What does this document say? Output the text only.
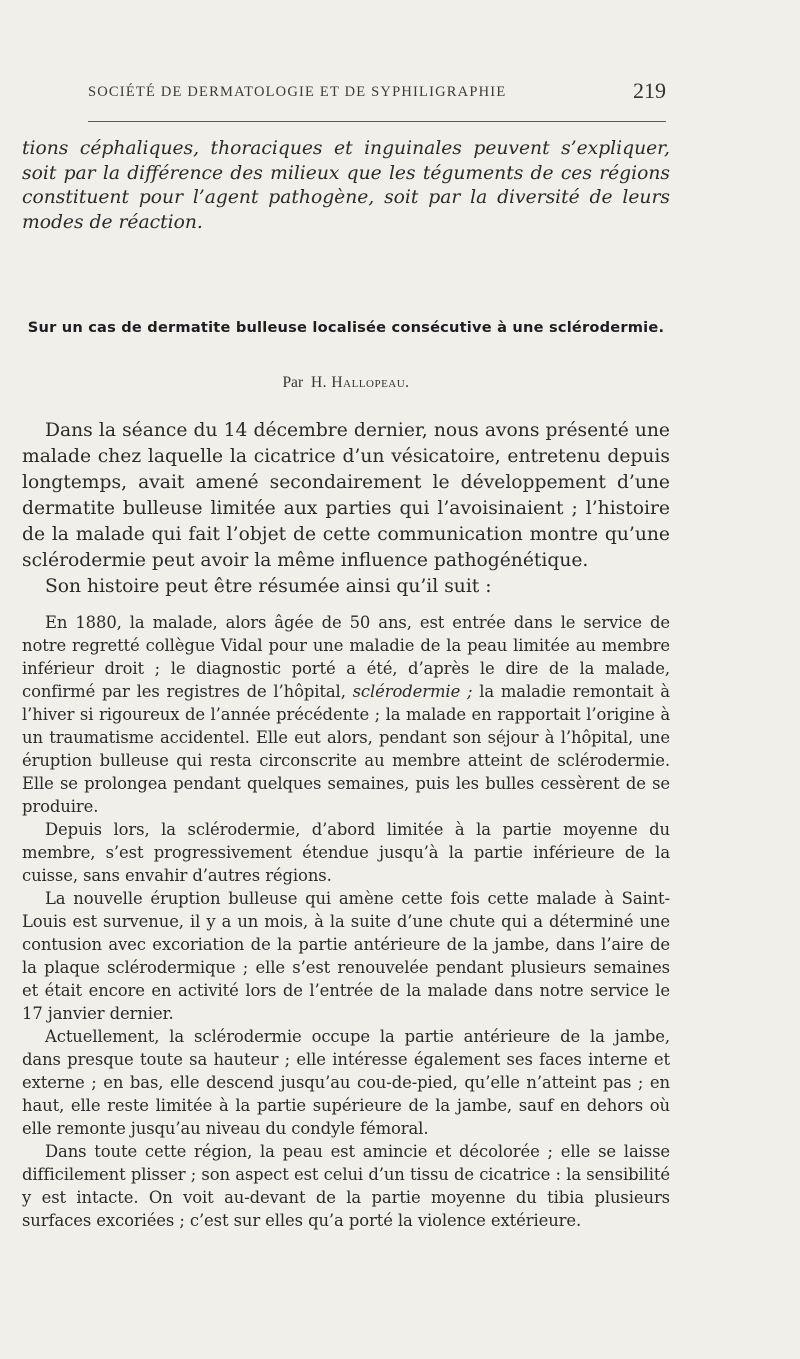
SOCIÉTÉ DE DERMATOLOGIE ET DE SYPHILIGRAPHIE	219

tions céphaliques, thoraciques et inguinales peuvent s’expliquer, soit par la différence des milieux que les téguments de ces régions constituent pour l’agent pathogène, soit par la diversité de leurs modes de réaction.

Sur un cas de dermatite bulleuse localisée consécutive à une sclérodermie.
Par H. Hallopeau.

Dans la séance du 14 décembre dernier, nous avons présenté une malade chez laquelle la cicatrice d’un vésicatoire, entretenu depuis longtemps, avait amené secondairement le développement d’une dermatite bulleuse limitée aux parties qui l’avoisinaient ; l’histoire de la malade qui fait l’objet de cette communication montre qu’une sclérodermie peut avoir la même influence pathogénétique.

Son histoire peut être résumée ainsi qu’il suit :

En 1880, la malade, alors âgée de 50 ans, est entrée dans le service de notre regretté collègue Vidal pour une maladie de la peau limitée au membre inférieur droit ; le diagnostic porté a été, d’après le dire de la malade, confirmé par les registres de l’hôpital, sclérodermie ; la maladie remontait à l’hiver si rigoureux de l’année précédente ; la malade en rapportait l’origine à un traumatisme accidentel. Elle eut alors, pendant son séjour à l’hôpital, une éruption bulleuse qui resta circonscrite au membre atteint de sclérodermie. Elle se prolongea pendant quelques semaines, puis les bulles cessèrent de se produire.

Depuis lors, la sclérodermie, d’abord limitée à la partie moyenne du membre, s’est progressivement étendue jusqu’à la partie inférieure de la cuisse, sans envahir d’autres régions.

La nouvelle éruption bulleuse qui amène cette fois cette malade à Saint-Louis est survenue, il y a un mois, à la suite d’une chute qui a déterminé une contusion avec excoriation de la partie antérieure de la jambe, dans l’aire de la plaque sclérodermique ; elle s’est renouvelée pendant plusieurs semaines et était encore en activité lors de l’entrée de la malade dans notre service le 17 janvier dernier.

Actuellement, la sclérodermie occupe la partie antérieure de la jambe, dans presque toute sa hauteur ; elle intéresse également ses faces interne et externe ; en bas, elle descend jusqu’au cou-de-pied, qu’elle n’atteint pas ; en haut, elle reste limitée à la partie supérieure de la jambe, sauf en dehors où elle remonte jusqu’au niveau du condyle fémoral.

Dans toute cette région, la peau est amincie et décolorée ; elle se laisse difficilement plisser ; son aspect est celui d’un tissu de cicatrice : la sensibilité y est intacte. On voit au-devant de la partie moyenne du tibia plusieurs surfaces excoriées ; c’est sur elles qu’a porté la violence extérieure.
